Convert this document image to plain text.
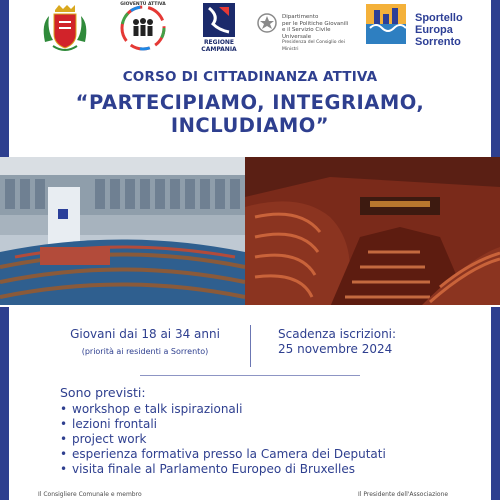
GIOVENTÙ ATTIVA
REGIONE CAMPANIA
Dipartimento
per le Politiche Giovanili
e il Servizio Civile Universale
Presidenza del Consiglio dei Ministri
Sportello
Europa
Sorrento
CORSO DI CITTADINANZA ATTIVA
“PARTECIPIAMO, INTEGRIAMO,
INCLUDIAMO”
Giovani dai 18 ai 34 anni
(priorità ai residenti a Sorrento)
Scadenza iscrizioni:
25 novembre 2024
Sono previsti:
• workshop e talk ispirazionali
• lezioni frontali
• project work
• esperienza formativa presso la Camera dei Deputati
• visita finale al Parlamento Europeo di Bruxelles
Il Consigliere Comunale e membro	Il Presidente dell'Associazione
